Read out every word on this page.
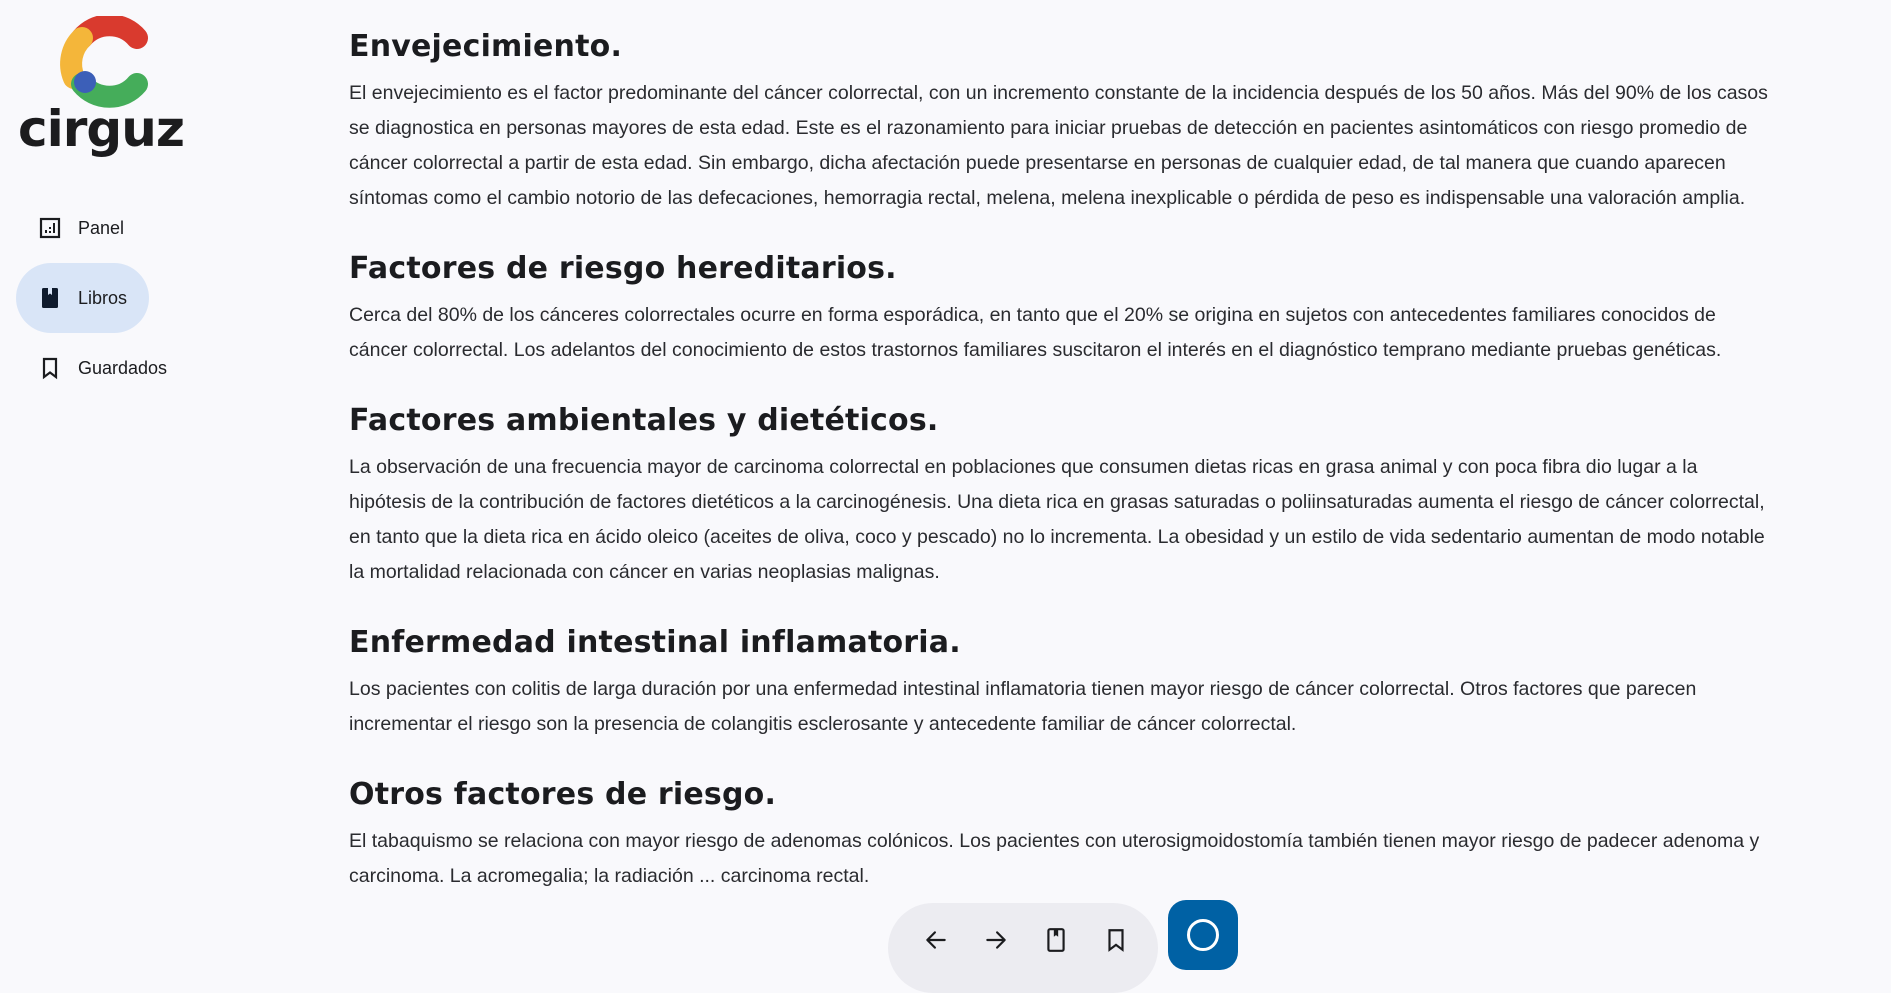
cirguz
Panel
Libros
Guardados
Envejecimiento.

El envejecimiento es el factor predominante del cáncer colorrectal, con un incremento constante de la incidencia después de los 50 años. Más del 90% de los casos se diagnostica en personas mayores de esta edad. Este es el razonamiento para iniciar pruebas de detección en pacientes asintomáticos con riesgo promedio de cáncer colorrectal a partir de esta edad. Sin embargo, dicha afectación puede presentarse en personas de cualquier edad, de tal manera que cuando aparecen síntomas como el cambio notorio de las defecaciones, hemorragia rectal, melena, melena inexplicable o pérdida de peso es indispensable una valoración amplia.

Factores de riesgo hereditarios.

Cerca del 80% de los cánceres colorrectales ocurre en forma esporádica, en tanto que el 20% se origina en sujetos con antecedentes familiares conocidos de cáncer colorrectal. Los adelantos del conocimiento de estos trastornos familiares suscitaron el interés en el diagnóstico temprano mediante pruebas genéticas.

Factores ambientales y dietéticos.

La observación de una frecuencia mayor de carcinoma colorrectal en poblaciones que consumen dietas ricas en grasa animal y con poca fibra dio lugar a la hipótesis de la contribución de factores dietéticos a la carcinogénesis. Una dieta rica en grasas saturadas o poliinsaturadas aumenta el riesgo de cáncer colorrectal, en tanto que la dieta rica en ácido oleico (aceites de oliva, coco y pescado) no lo incrementa. La obesidad y un estilo de vida sedentario aumentan de modo notable la mortalidad relacionada con cáncer en varias neoplasias malignas.

Enfermedad intestinal inflamatoria.

Los pacientes con colitis de larga duración por una enfermedad intestinal inflamatoria tienen mayor riesgo de cáncer colorrectal. Otros factores que parecen incrementar el riesgo son la presencia de colangitis esclerosante y antecedente familiar de cáncer colorrectal.

Otros factores de riesgo.

El tabaquismo se relaciona con mayor riesgo de adenomas colónicos. Los pacientes con uterosigmoidostomía también tienen mayor riesgo de padecer adenoma y carcinoma. La acromegalia; la radiación ... carcinoma rectal.
